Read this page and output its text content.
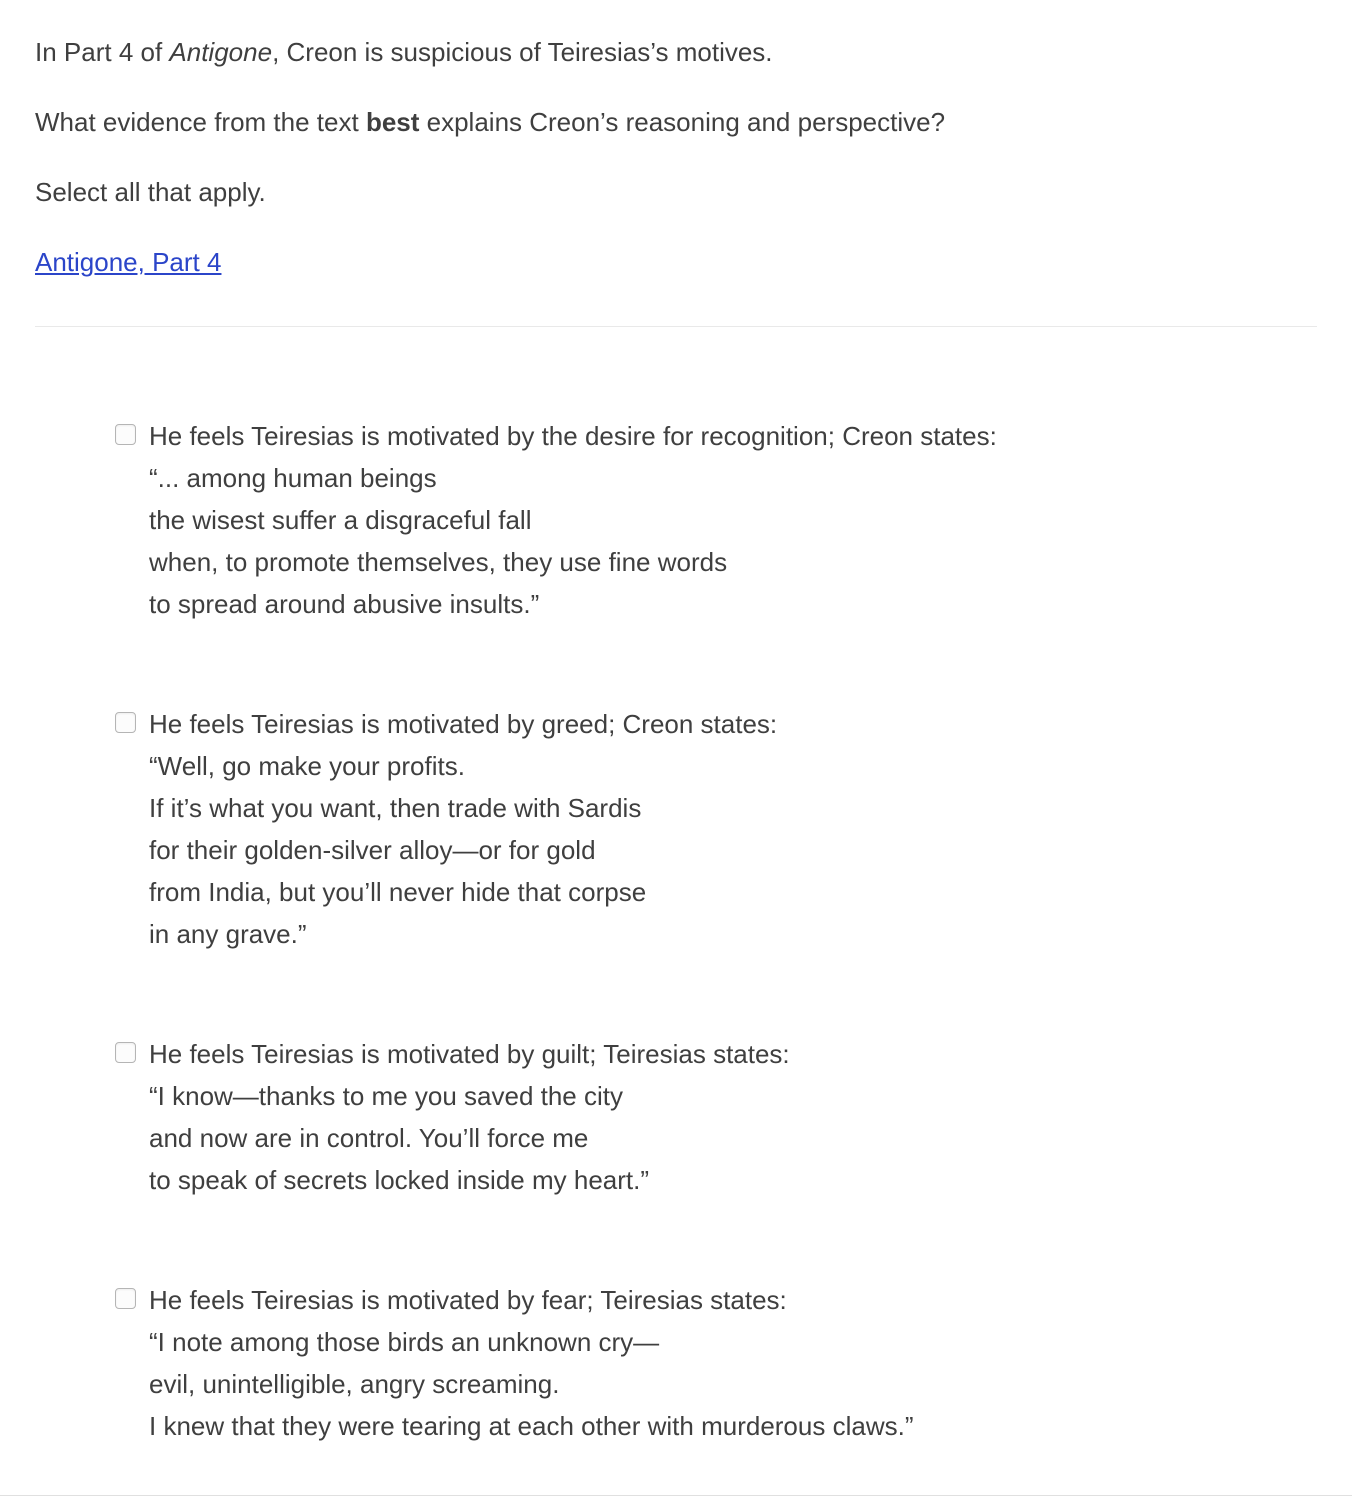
In Part 4 of Antigone, Creon is suspicious of Teiresias’s motives.

What evidence from the text best explains Creon’s reasoning and perspective?

Select all that apply.

Antigone, Part 4
He feels Teiresias is motivated by the desire for recognition; Creon states:
“... among human beings
the wisest suffer a disgraceful fall
when, to promote themselves, they use fine words
to spread around abusive insults.”
He feels Teiresias is motivated by greed; Creon states:
“Well, go make your profits.
If it’s what you want, then trade with Sardis
for their golden-silver alloy—or for gold
from India, but you’ll never hide that corpse
in any grave.”
He feels Teiresias is motivated by guilt; Teiresias states:
“I know—thanks to me you saved the city
and now are in control. You’ll force me
to speak of secrets locked inside my heart.”
He feels Teiresias is motivated by fear; Teiresias states:
“I note among those birds an unknown cry—
evil, unintelligible, angry screaming.
I knew that they were tearing at each other with murderous claws.”
